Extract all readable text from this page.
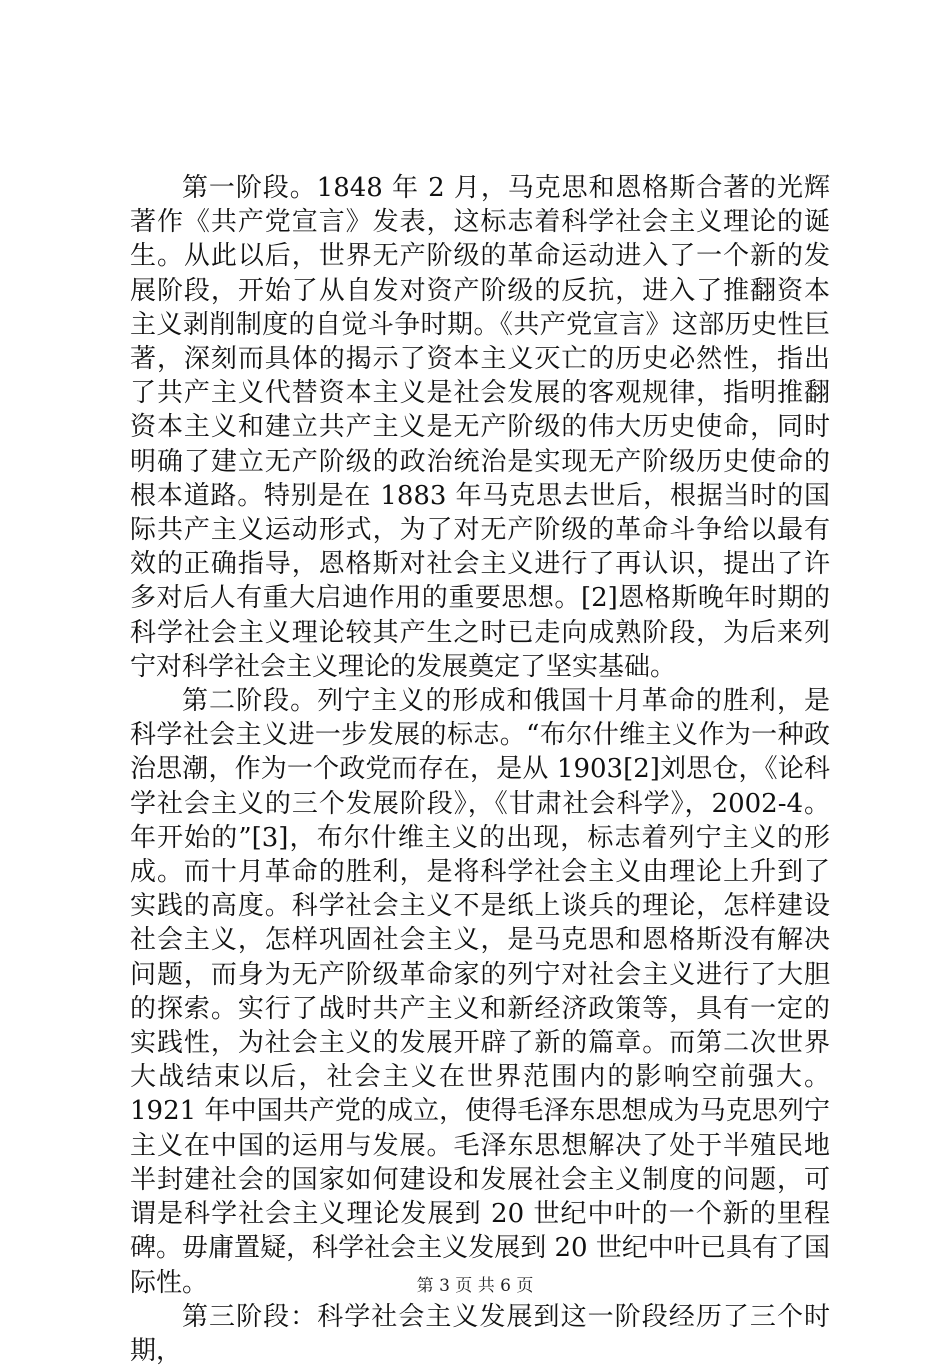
第一阶段。1848 年 2 月，马克思和恩格斯合著的光辉著作《共产党宣言》发表，这标志着科学社会主义理论的诞生。从此以后，世界无产阶级的革命运动进入了一个新的发展阶段，开始了从自发对资产阶级的反抗，进入了推翻资本主义剥削制度的自觉斗争时期。《共产党宣言》这部历史性巨著，深刻而具体的揭示了资本主义灭亡的历史必然性，指出了共产主义代替资本主义是社会发展的客观规律，指明推翻资本主义和建立共产主义是无产阶级的伟大历史使命，同时明确了建立无产阶级的政治统治是实现无产阶级历史使命的根本道路。特别是在 1883 年马克思去世后，根据当时的国际共产主义运动形式，为了对无产阶级的革命斗争给以最有效的正确指导，恩格斯对社会主义进行了再认识，提出了许多对后人有重大启迪作用的重要思想。[2]恩格斯晚年时期的科学社会主义理论较其产生之时已走向成熟阶段，为后来列宁对科学社会主义理论的发展奠定了坚实基础。

第二阶段。列宁主义的形成和俄国十月革命的胜利，是科学社会主义进一步发展的标志。“布尔什维主义作为一种政治思潮，作为一个政党而存在，是从 1903[2]刘思仓，《论科学社会主义的三个发展阶段》，《甘肃社会科学》，2002-4。年开始的”[3]，布尔什维主义的出现，标志着列宁主义的形成。而十月革命的胜利，是将科学社会主义由理论上升到了实践的高度。科学社会主义不是纸上谈兵的理论，怎样建设社会主义，怎样巩固社会主义，是马克思和恩格斯没有解决问题，而身为无产阶级革命家的列宁对社会主义进行了大胆的探索。实行了战时共产主义和新经济政策等，具有一定的实践性，为社会主义的发展开辟了新的篇章。而第二次世界大战结束以后，社会主义在世界范围内的影响空前强大。1921 年中国共产党的成立，使得毛泽东思想成为马克思列宁主义在中国的运用与发展。毛泽东思想解决了处于半殖民地半封建社会的国家如何建设和发展社会主义制度的问题，可谓是科学社会主义理论发展到 20 世纪中叶的一个新的里程碑。毋庸置疑，科学社会主义发展到 20 世纪中叶已具有了国际性。

第三阶段：科学社会主义发展到这一阶段经历了三个时期，

第 3 页 共 6 页
